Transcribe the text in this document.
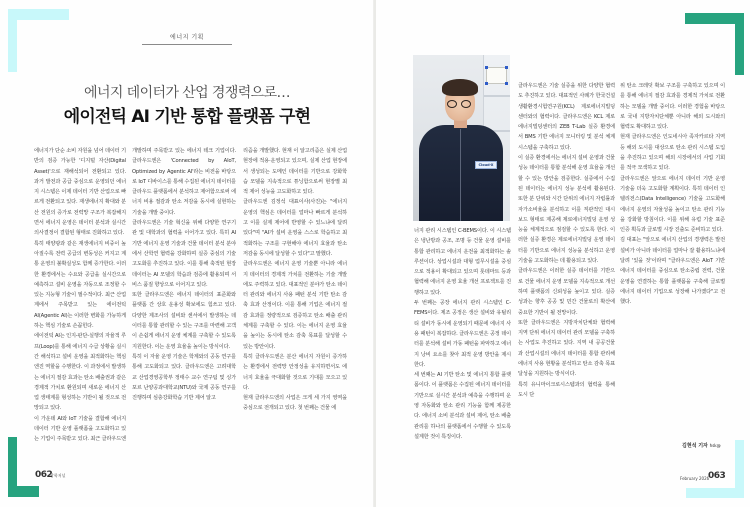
에너지 기획
에너지 데이터가 산업 경쟁력으로…
에이전틱 AI 기반 통합 플랫폼 구현

에너지가 단순 소비 자원을 넘어 데이터 기반의 검증 가능한 '디지털 자산(Digital Asset)'으로 재해석되어 전환되고 있다. 과거 발전과 공급 중심으로 운영되던 에너지 시스템은 이제 데이터 기반 산업으로 빠르게 전환되고 있다. 재생에너지 확대와 분산 전원의 증가로 전력망 구조가 복잡해지면서 에너지 운영은 데이터 분석과 실시간 의사결정이 결합된 형태로 진화하고 있다.

특히 태양광과 같은 재생에너지 비중이 높아질수록 전력 공급의 변동성은 커지고 계통 운영의 불확실성도 함께 증가한다. 이러한 환경에서는 수요와 공급을 실시간으로 예측하고 설비 운영을 자동으로 조정할 수 있는 지능형 기술이 필수적이다. 최근 산업계에서 주목받고 있는 에이전틱 AI(Agentic AI)는 이러한 변화를 가능하게 하는 핵심 기술로 손꼽힌다.

에이전틱 AI는 인지-판단-실행의 자율적 루프(Loop)를 통해 에너지 수급 상황을 실시간 해석하고 설비 운영을 최적화하는 핵심 엔진 역할을 수행한다. 이 과정에서 발생하는 에너지 절감 효과는 탄소 배출권과 같은 경제적 가치로 환원되며 새로운 에너지 산업 생태계를 형성하는 기반이 될 것으로 전망되고 있다.

이 가운데 AI와 IoT 기술을 결합해 에너지 데이터 기반 운영 플랫폼을 고도화하고 있는 기업이 주목받고 있다. 최근 클라우드엔

개발하며 주목받고 있는 에너지 테크 기업이다. 클라우드엔은 'Connected by AIoT, Optimized by Agentic AI'라는 비전을 바탕으로 IoT 디바이스를 통해 수집된 에너지 데이터를 클라우드 플랫폼에서 분석하고 제어함으로써 에너지 비용 절감과 탄소 저감을 동시에 실현하는 기술을 개발 중이다.

클라우드엔은 기술 혁신을 위해 다양한 연구기관 및 대학과의 협력을 이어가고 있다. 특히 AI 기반 에너지 운영 기술과 건물 데이터 분석 분야에서 산학연 협력을 강화하며 실증 중심의 기술 고도화를 추진하고 있다. 이를 통해 축적된 현장 데이터는 AI 모델의 학습과 검증에 활용되며 서비스 품질 향상으로 이어지고 있다.

또한 클라우드엔은 에너지 데이터의 표준화와 플랫폼 간 상호 운용성 확보에도 힘쓰고 있다. 다양한 제조사의 설비와 센서에서 발생하는 데이터를 통합 관리할 수 있는 구조를 마련해 고객이 손쉽게 에너지 운영 체계를 구축할 수 있도록 지원한다. 이는 운영 효율을 높이는 방식이다.

특히 이 자율 운영 기술은 학계와의 공동 연구를 통해 고도화되고 있다. 클라우드엔은 고려대학교 산업경영공학부 정태수 교수 연구팀 및 싱가포르 난양공과대학교(NTU)와 국제 공동 연구를 진행하며 심층강화학습 기반 제어 알고

리즘을 개발했다. 현재 이 알고리즘은 실제 산업 현장에 적용·운영되고 있으며, 실제 산업 현장에서 생성되는 도메인 데이터를 기반으로 강화학습 모델을 지속적으로 튜닝함으로써 현장별 최적 제어 성능을 고도화하고 있다.

클라우드엔 김정석 대표이사(사진)는 "에너지 운영의 핵심은 데이터를 얼마나 빠르게 분석하고 이를 실제 제어에 반영할 수 있느냐에 달려 있다"며 "AI가 설비 운영을 스스로 학습하고 최적화하는 구조를 구현해야 에너지 효율과 탄소 저감을 동시에 달성할 수 있다"고 말했다.

클라우드엔은 에너지 운영 기술뿐 아니라 에너지 데이터의 경제적 가치를 전환하는 기술 개발에도 주력하고 있다. 대표적인 분야가 탄소 데이터 관리와 에너지 사용 패턴 분석 기반 탄소 감축 효과 산정이다. 이를 통해 기업은 에너지 절감 효과를 정량적으로 검증하고 탄소 배출 관리 체계를 구축할 수 있다. 이는 에너지 운영 효율을 높이는 동시에 탄소 감축 목표를 달성할 수 있는 방안이다.

특히 클라우드엔은 분산 에너지 자원이 증가하는 환경에서 전력망 안정성을 유지하면서도 에너지 효율을 극대화할 것으로 기대를 모으고 있다.

현재 클라우드엔의 사업은 크게 세 가지 영역을 중심으로 전개되고 있다. 첫 번째는 건물 에

062
광학저널
Cloud-X

너지 관리 시스템인 C-BEMS이다. 이 시스템은 냉난방과 공조, 조명 등 건물 운영 설비를 통합 관리하고 에너지 운전을 최적화하는 솔루션이다. 상업시설과 대형 업무시설을 중심으로 적용이 확대되고 있으며 롯데마트 등과 협력해 에너지 운영 효율 개선 프로젝트를 진행하고 있다.

두 번째는 공장 에너지 관리 시스템인 C-FEMS이다. 제조 공정은 생산 설비와 유틸리티 설비가 동시에 운영되기 때문에 에너지 사용 패턴이 복잡하다. 클라우드엔은 공정 데이터를 분석해 설비 가동 패턴을 파악하고 에너지 낭비 요소를 찾아 최적 운영 방안을 제시한다.

세 번째는 AI 기반 탄소 및 에너지 통합 플랫폼이다. 이 플랫폼은 수집된 에너지 데이터를 기반으로 실시간 분석과 예측을 수행하며 운영 자동화와 탄소 관리 기능을 함께 제공한다. 에너지 소비 분석과 설비 제어, 탄소 배출 관리를 하나의 플랫폼에서 수행할 수 있도록 설계한 것이 특징이다.

클라우드엔은 기술 실증을 위한 다양한 협력도 추진하고 있다. 대표적인 사례가 한국건설생활환경시험연구원(KCL) 제로에너지빌딩센터와의 협력이다. 클라우드엔은 KCL 제로에너지빌딩센터의 ZEB T-Lab 실증 환경에서 BMS 기반 에너지 모니터링 및 분석 체계 시스템을 구축하고 있다.

이 실증 환경에서는 에너지 설비 운영과 건물 성능 데이터를 통합 분석해 운영 효율을 개선할 수 있는 방안을 검증한다. 실증에서 수집된 데이터는 에너지 성능 분석에 활용된다. 또한 분 단위와 시간 단위의 에너지 자립률과 자가소비율을 분석하고 이를 직관적인 대시보드 형태로 제공해 제로에너지빌딩 운영 성능을 체계적으로 점검할 수 있도록 한다. 이러한 실증 환경은 제로에너지빌딩 운영 데이터를 기반으로 에너지 성능을 분석하고 운영 기술을 고도화하는 데 활용되고 있다.

클라우드엔은 이러한 실증 데이터를 기반으로 건물 에너지 운영 모델을 지속적으로 개선하며 플랫폼의 신뢰성을 높이고 있다. 실증 성과는 향후 공공 및 민간 건물로의 확산에 중요한 기반이 될 전망이다.

또한 클라우드엔은 지방자치단체와 협력해 지역 단위 에너지 데이터 관리 모델을 구축하는 사업도 추진하고 있다. 지역 내 공공건물과 산업시설의 에너지 데이터를 통합 관리해 에너지 사용 현황을 분석하고 탄소 감축 목표 달성을 지원하는 방식이다.

특히 유니마이크로시스템과의 협력을 통해 도시 단

위 탄소 크레딧 확보 구조를 구축하고 있으며 이를 통해 에너지 절감 효과를 경제적 가치로 전환하는 모델을 개발 중이다. 이러한 경험을 바탕으로 국내 지방자치단체뿐 아니라 해외 도시와의 협력도 확대하고 있다.

현재 클라우드엔은 인도네시아 족자카르타 지역 등 해외 도시를 대상으로 탄소 관리 시스템 도입을 추진하고 있으며 해외 시장에서의 사업 기회를 적극 모색하고 있다.

클라우드엔은 앞으로 에너지 데이터 기반 운영 기술을 더욱 고도화할 계획이다. 특히 데이터 인텔리전스(Data Intelligence) 기술을 고도화해 에너지 운영의 자율성을 높이고 탄소 관리 기능을 강화할 방침이다. 이를 위해 유럽 기술 표준 인증 획득과 글로벌 시장 진출도 준비하고 있다.

김 대표는 "앞으로 에너지 산업의 경쟁력은 발전 설비가 아니라 데이터를 얼마나 잘 활용하느냐에 달려 '있을 것'이라며 "클라우드엔은 AIoT 기반 에너지 데이터를 중심으로 탄소중립 전력, 건물 운영을 연결하는 통합 플랫폼을 구축해 글로벌 에너지 데이터 기업으로 성장해 나가겠다"고 전했다.

김현석 기자 hsk@
February 2026
063
